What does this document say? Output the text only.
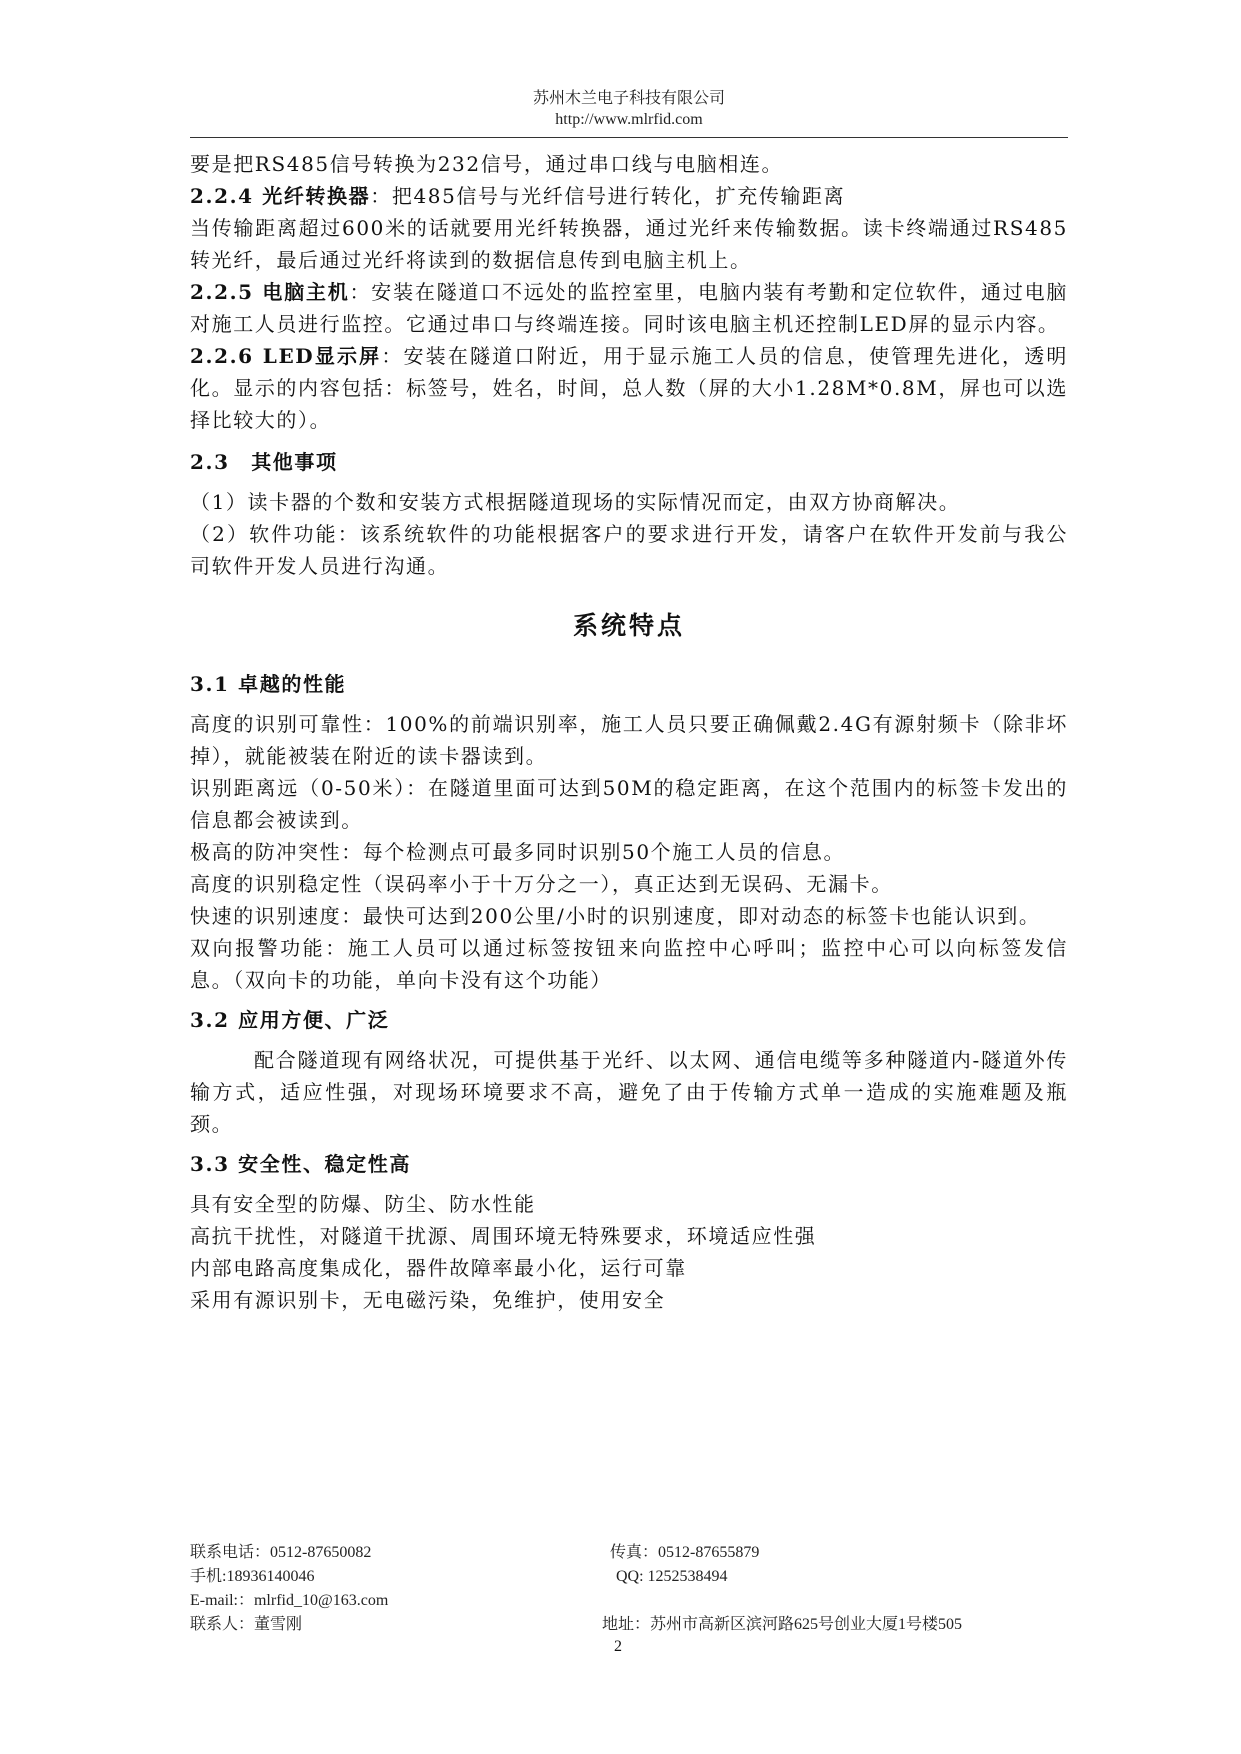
苏州木兰电子科技有限公司
http://www.mlrfid.com

要是把RS485信号转换为232信号，通过串口线与电脑相连。

2.2.4 光纤转换器：把485信号与光纤信号进行转化，扩充传输距离

当传输距离超过600米的话就要用光纤转换器，通过光纤来传输数据。读卡终端通过RS485转光纤，最后通过光纤将读到的数据信息传到电脑主机上。

2.2.5 电脑主机：安装在隧道口不远处的监控室里，电脑内装有考勤和定位软件，通过电脑对施工人员进行监控。它通过串口与终端连接。同时该电脑主机还控制LED屏的显示内容。

2.2.6 LED显示屏：安装在隧道口附近，用于显示施工人员的信息，使管理先进化，透明化。显示的内容包括：标签号，姓名，时间，总人数（屏的大小1.28M*0.8M，屏也可以选择比较大的）。

2.3　其他事项

（1）读卡器的个数和安装方式根据隧道现场的实际情况而定，由双方协商解决。

（2）软件功能：该系统软件的功能根据客户的要求进行开发，请客户在软件开发前与我公司软件开发人员进行沟通。

系统特点

3.1 卓越的性能

高度的识别可靠性：100%的前端识别率，施工人员只要正确佩戴2.4G有源射频卡（除非坏掉），就能被装在附近的读卡器读到。

识别距离远（0-50米）：在隧道里面可达到50M的稳定距离，在这个范围内的标签卡发出的信息都会被读到。

极高的防冲突性：每个检测点可最多同时识别50个施工人员的信息。

高度的识别稳定性（误码率小于十万分之一），真正达到无误码、无漏卡。

快速的识别速度：最快可达到200公里/小时的识别速度，即对动态的标签卡也能认识到。

双向报警功能：施工人员可以通过标签按钮来向监控中心呼叫；监控中心可以向标签发信息。（双向卡的功能，单向卡没有这个功能）

3.2 应用方便、广泛

配合隧道现有网络状况，可提供基于光纤、以太网、通信电缆等多种隧道内-隧道外传输方式，适应性强，对现场环境要求不高，避免了由于传输方式单一造成的实施难题及瓶颈。

3.3 安全性、稳定性高

具有安全型的防爆、防尘、防水性能

高抗干扰性，对隧道干扰源、周围环境无特殊要求，环境适应性强

内部电路高度集成化，器件故障率最小化，运行可靠

采用有源识别卡，无电磁污染，免维护，使用安全

联系电话：0512-87650082	传真：0512-87655879
手机:18936140046	QQ: 1252538494
E-mail:：mlrfid_10@163.com
联系人：董雪刚	地址：苏州市高新区滨河路625号创业大厦1号楼505
2
